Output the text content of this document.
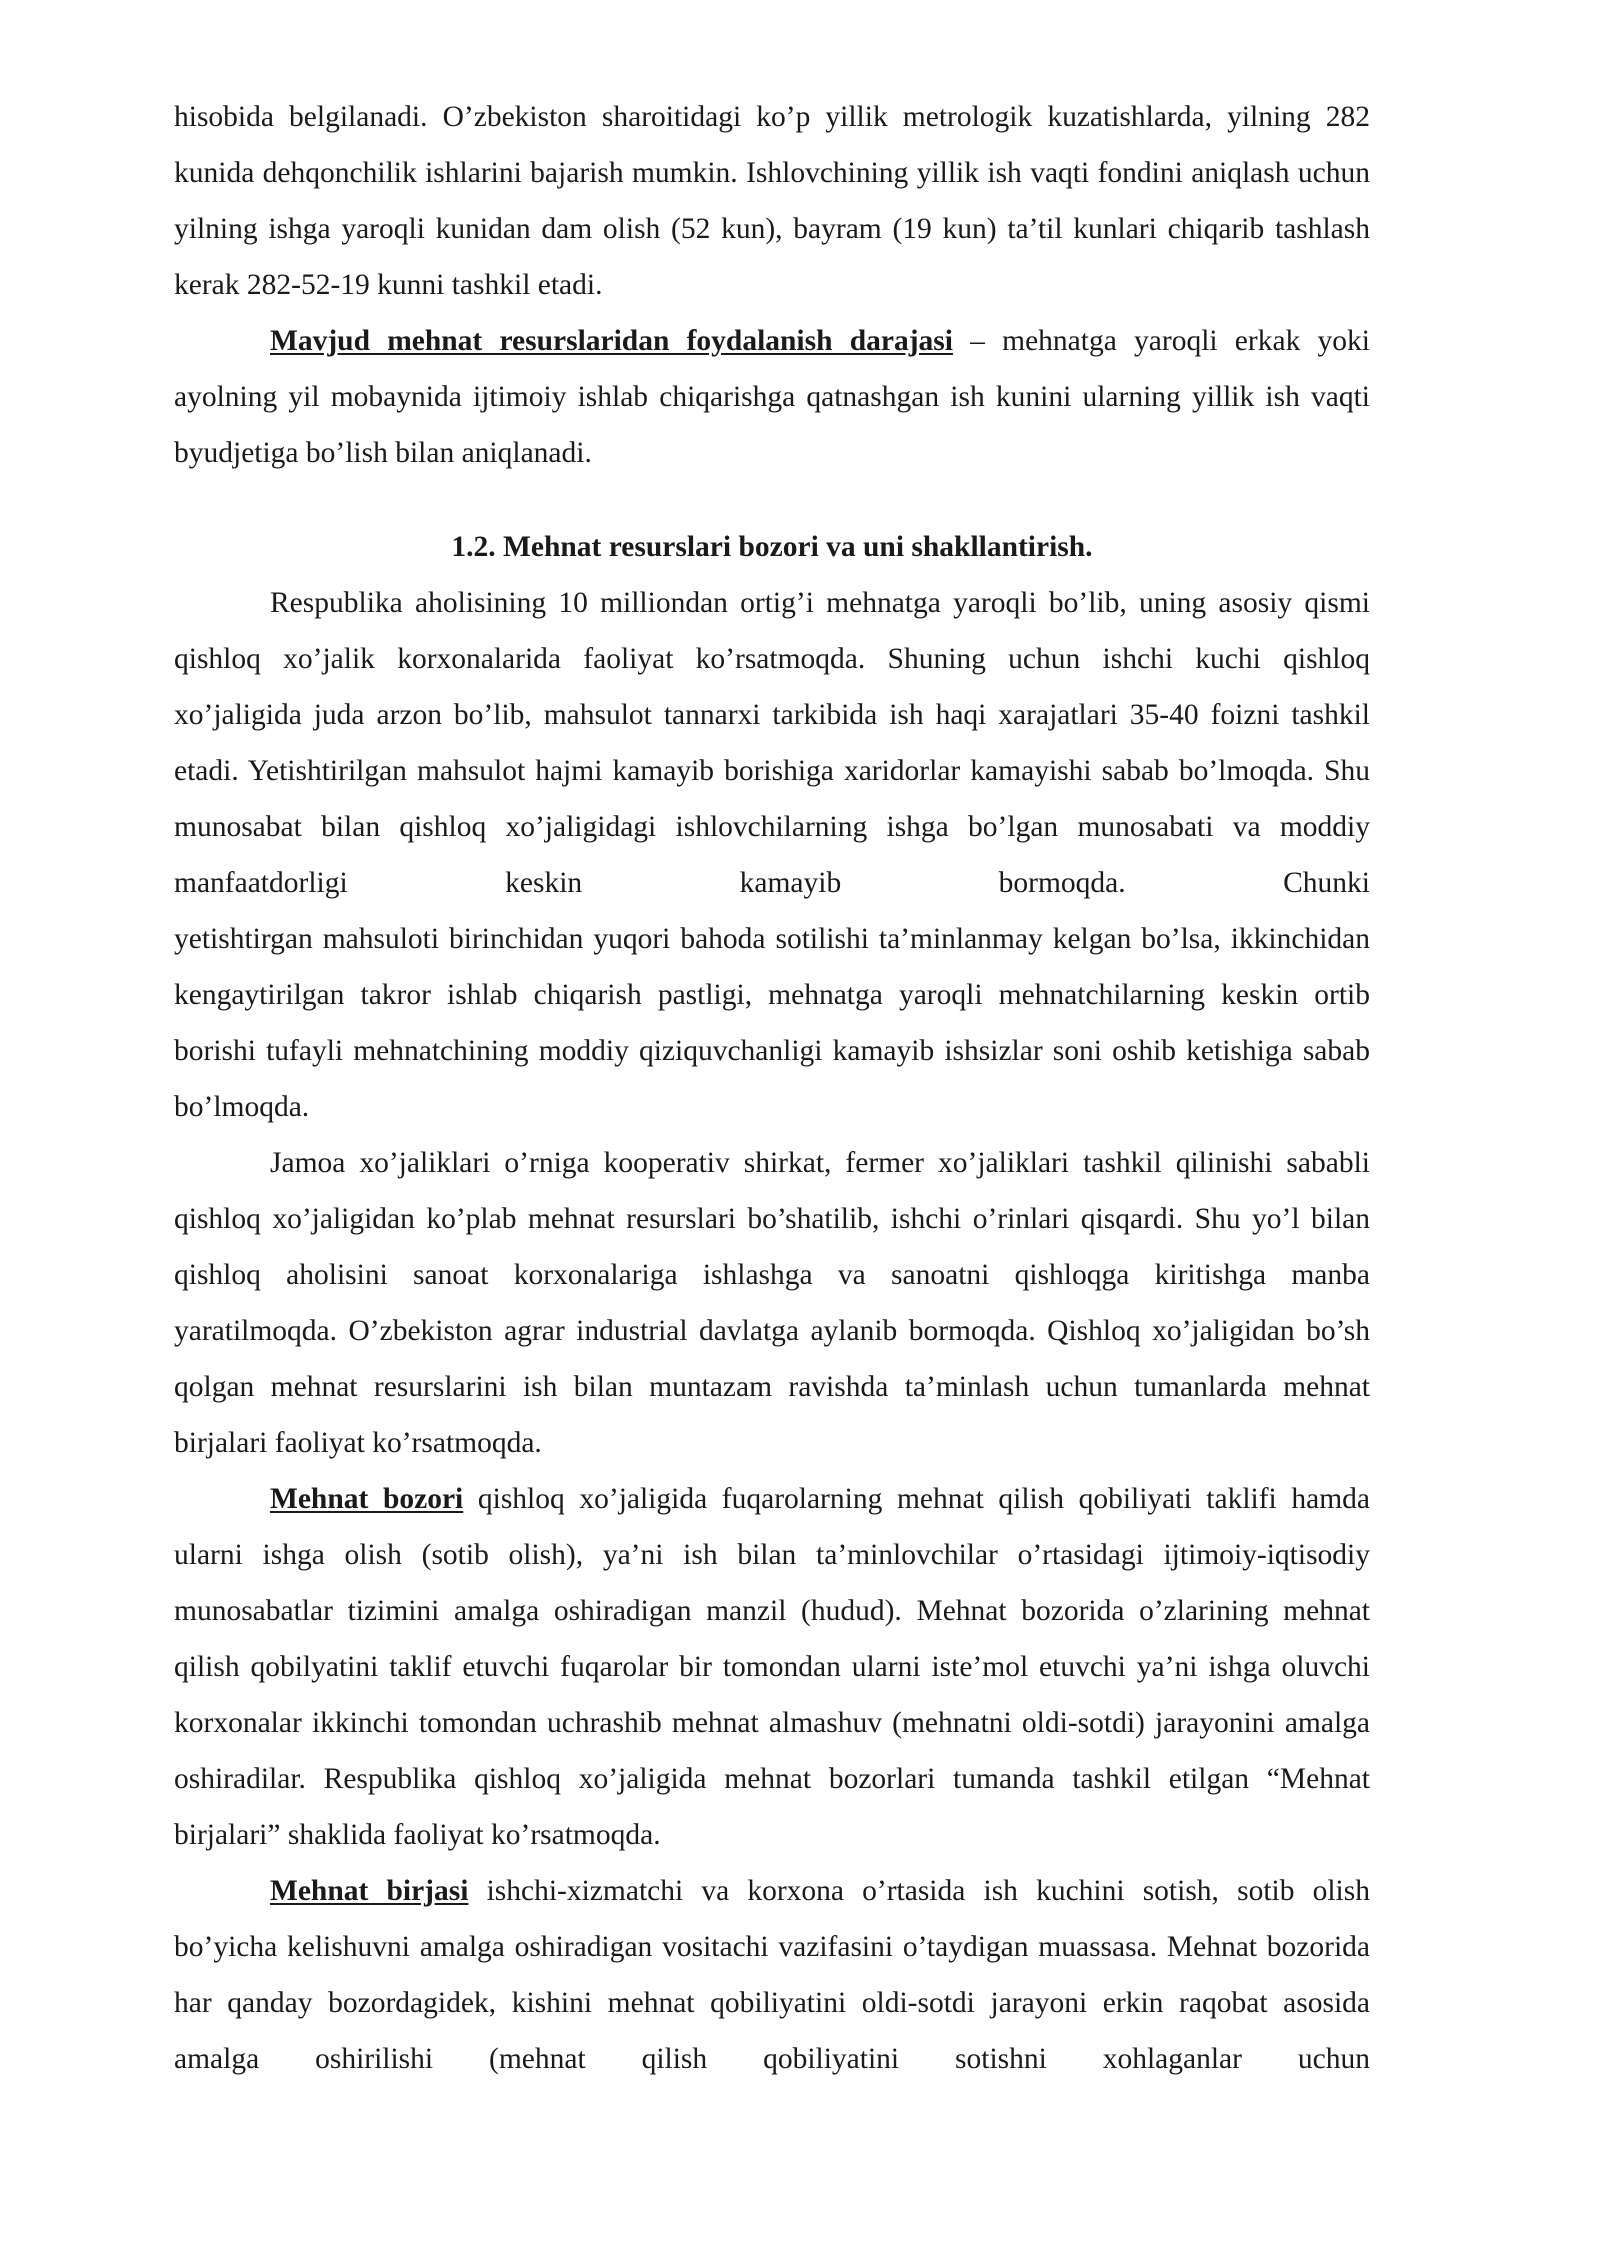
hisobida belgilanadi. O’zbekiston sharoitidagi ko’p yillik metrologik kuzatishlarda, yilning 282 kunida dehqonchilik ishlarini bajarish mumkin. Ishlovchining yillik ish vaqti fondini aniqlash uchun yilning ishga yaroqli kunidan dam olish (52 kun), bayram (19 kun) ta’til kunlari chiqarib tashlash kerak 282-52-19 kunni tashkil etadi.

Mavjud mehnat resurslaridan foydalanish darajasi – mehnatga yaroqli erkak yoki ayolning yil mobaynida ijtimoiy ishlab chiqarishga qatnashgan ish kunini ularning yillik ish vaqti byudjetiga bo’lish bilan aniqlanadi.

1.2. Mehnat resurslari bozori va uni shakllantirish.

Respublika aholisining 10 milliondan ortig’i mehnatga yaroqli bo’lib, uning asosiy qismi qishloq xo’jalik korxonalarida faoliyat ko’rsatmoqda. Shuning uchun ishchi kuchi qishloq xo’jaligida juda arzon bo’lib, mahsulot tannarxi tarkibida ish haqi xarajatlari 35-40 foizni tashkil etadi. Yetishtirilgan mahsulot hajmi kamayib borishiga xaridorlar kamayishi sabab bo’lmoqda. Shu munosabat bilan qishloq xo’jaligidagi ishlovchilarning ishga bo’lgan munosabati va moddiy manfaatdorligi keskin kamayib bormoqda. Chunki

yetishtirgan mahsuloti birinchidan yuqori bahoda sotilishi ta’minlanmay kelgan bo’lsa, ikkinchidan kengaytirilgan takror ishlab chiqarish pastligi, mehnatga yaroqli mehnatchilarning keskin ortib borishi tufayli mehnatchining moddiy qiziquvchanligi kamayib ishsizlar soni oshib ketishiga sabab bo’lmoqda.

Jamoa xo’jaliklari o’rniga kooperativ shirkat, fermer xo’jaliklari tashkil qilinishi sababli qishloq xo’jaligidan ko’plab mehnat resurslari bo’shatilib, ishchi o’rinlari qisqardi. Shu yo’l bilan qishloq aholisini sanoat korxonalariga ishlashga va sanoatni qishloqga kiritishga manba yaratilmoqda. O’zbekiston agrar industrial davlatga aylanib bormoqda. Qishloq xo’jaligidan bo’sh qolgan mehnat resurslarini ish bilan muntazam ravishda ta’minlash uchun tumanlarda mehnat birjalari faoliyat ko’rsatmoqda.

Mehnat bozori qishloq xo’jaligida fuqarolarning mehnat qilish qobiliyati taklifi hamda ularni ishga olish (sotib olish), ya’ni ish bilan ta’minlovchilar o’rtasidagi ijtimoiy-iqtisodiy munosabatlar tizimini amalga oshiradigan manzil (hudud). Mehnat bozorida o’zlarining mehnat qilish qobilyatini taklif etuvchi fuqarolar bir tomondan ularni iste’mol etuvchi ya’ni ishga oluvchi korxonalar ikkinchi tomondan uchrashib mehnat almashuv (mehnatni oldi-sotdi) jarayonini amalga oshiradilar. Respublika qishloq xo’jaligida mehnat bozorlari tumanda tashkil etilgan “Mehnat birjalari” shaklida faoliyat ko’rsatmoqda.

Mehnat birjasi ishchi-xizmatchi va korxona o’rtasida ish kuchini sotish, sotib olish bo’yicha kelishuvni amalga oshiradigan vositachi vazifasini o’taydigan muassasa. Mehnat bozorida har qanday bozordagidek, kishini mehnat qobiliyatini oldi-sotdi jarayoni erkin raqobat asosida amalga oshirilishi (mehnat qilish qobiliyatini sotishni xohlaganlar uchun
